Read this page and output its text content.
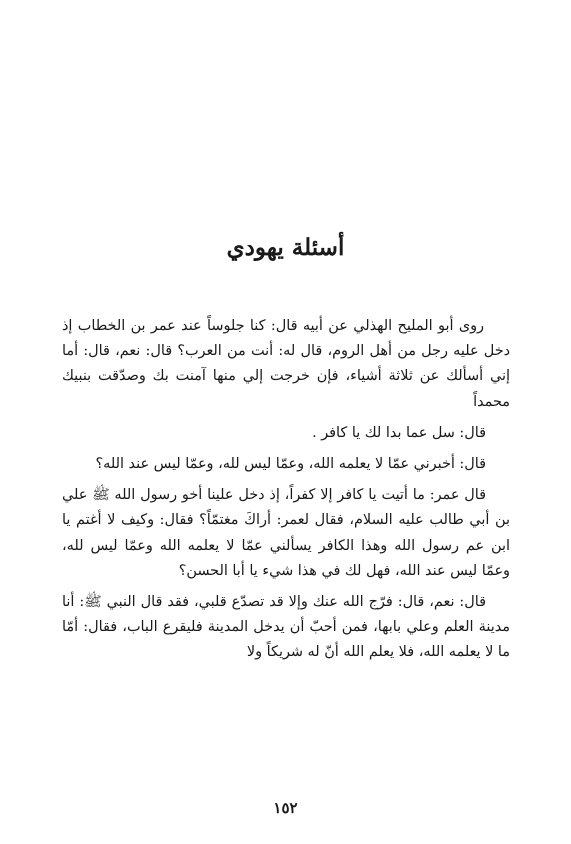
أسئلة يهودي

روى أبو المليح الهذلي عن أبيه قال: كنا جلوساً عند عمر بن الخطاب إذ دخل عليه رجل من أهل الروم، قال له: أنت من العرب؟ قال: نعم، قال: أما إني أسألك عن ثلاثة أشياء، فإن خرجت إلي منها آمنت بك وصدّقت بنبيك محمداً

قال: سل عما بدا لك يا كافر .

قال: أخبرني عمّا لا يعلمه الله، وعمّا ليس لله، وعمّا ليس عند الله؟

قال عمر: ما أتيت يا كافر إلا كفراً، إذ دخل علينا أخو رسول الله ﷺ علي بن أبي طالب عليه السلام، فقال لعمر: أراكَ مغتمّاً؟ فقال: وكيف لا أغتم يا ابن عم رسول الله وهذا الكافر يسألني عمّا لا يعلمه الله وعمّا ليس لله، وعمّا ليس عند الله، فهل لك في هذا شيء يا أبا الحسن؟

قال: نعم، قال: فرّج الله عنك وإلا قد تصدّع قلبي، فقد قال النبي ﷺ: أنا مدينة العلم وعلي بابها، فمن أحبّ أن يدخل المدينة فليقرع الباب، فقال: أمّا ما لا يعلمه الله، فلا يعلم الله أنّ له شريكاً ولا

١٥٢
